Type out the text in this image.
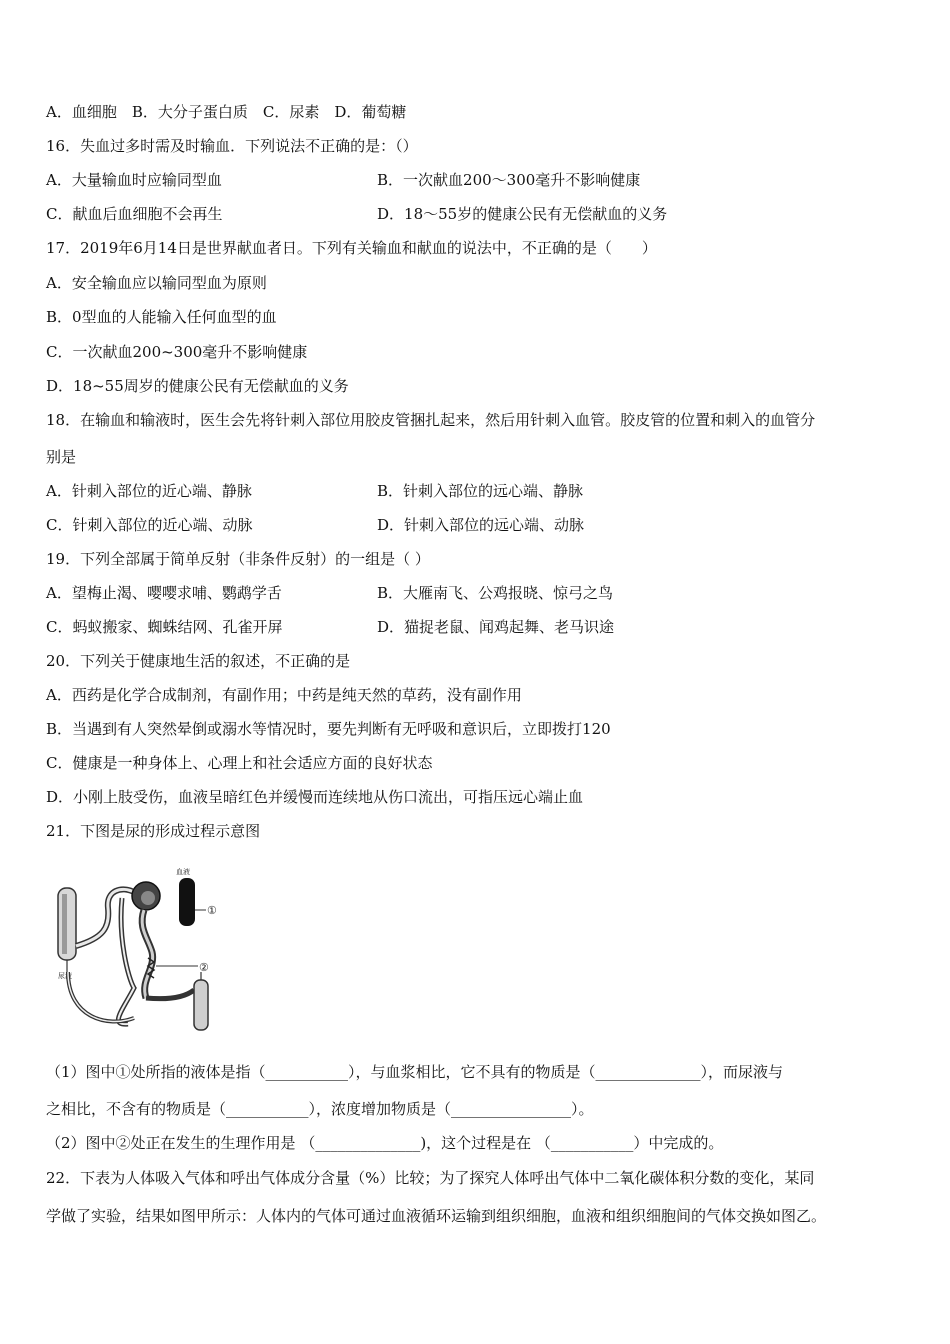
A．血细胞　B．大分子蛋白质　C．尿素　D．葡萄糖
16．失血过多时需及时输血．下列说法不正确的是：（）
A．大量输血时应输同型血	B．一次献血200～300毫升不影响健康
C．献血后血细胞不会再生	D．18～55岁的健康公民有无偿献血的义务
17．2019年6月14日是世界献血者日。下列有关输血和献血的说法中，不正确的是（　　）
A．安全输血应以输同型血为原则
B．0型血的人能输入任何血型的血
C．一次献血200~300毫升不影响健康
D．18~55周岁的健康公民有无偿献血的义务
18．在输血和输液时，医生会先将针刺入部位用胶皮管捆扎起来，然后用针刺入血管。胶皮管的位置和刺入的血管分
别是
A．针刺入部位的近心端、静脉	B．针刺入部位的远心端、静脉
C．针刺入部位的近心端、动脉	D．针刺入部位的远心端、动脉
19．下列全部属于简单反射（非条件反射）的一组是（ ）
A．望梅止渴、嘤嘤求哺、鹦鹉学舌	B．大雁南飞、公鸡报晓、惊弓之鸟
C．蚂蚁搬家、蜘蛛结网、孔雀开屏	D．猫捉老鼠、闻鸡起舞、老马识途
20．下列关于健康地生活的叙述，不正确的是
A．西药是化学合成制剂，有副作用；中药是纯天然的草药，没有副作用
B．当遇到有人突然晕倒或溺水等情况时，要先判断有无呼吸和意识后，立即拨打120
C．健康是一种身体上、心理上和社会适应方面的良好状态
D．小刚上肢受伤，血液呈暗红色并缓慢而连续地从伤口流出，可指压远心端止血
21．下图是尿的形成过程示意图
尿液
血液
①
②
（1）图中①处所指的液体是指（___________），与血浆相比，它不具有的物质是（______________），而尿液与
之相比，不含有的物质是（___________），浓度增加物质是（________________）。
（2）图中②处正在发生的生理作用是 （______________)，这个过程是在 （___________）中完成的。
22．下表为人体吸入气体和呼出气体成分含量（%）比较；为了探究人体呼出气体中二氧化碳体积分数的变化，某同
学做了实验，结果如图甲所示：人体内的气体可通过血液循环运输到组织细胞，血液和组织细胞间的气体交换如图乙。
